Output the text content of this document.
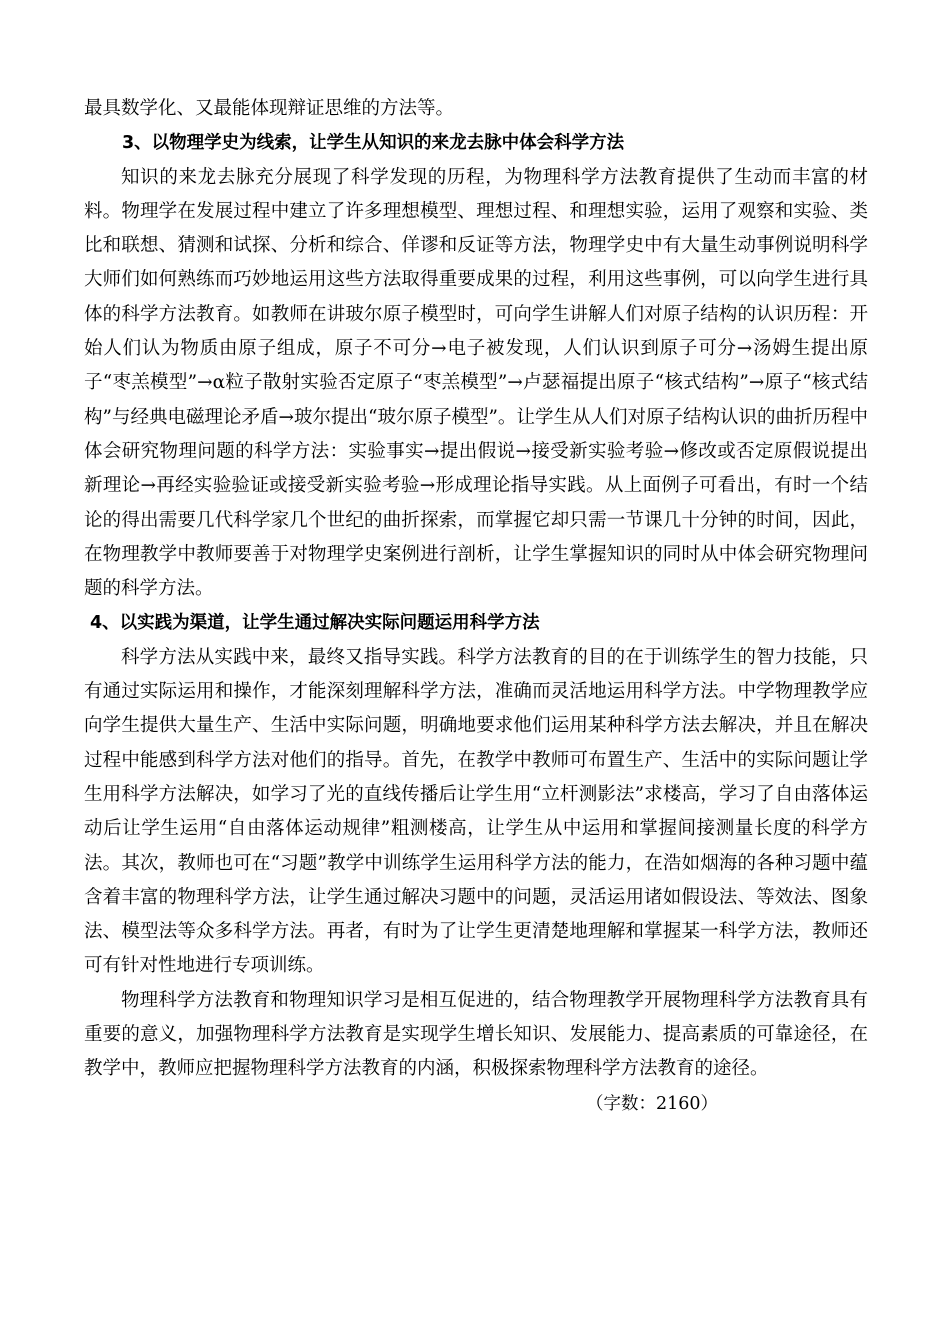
最具数学化、又最能体现辩证思维的方法等。

3、以物理学史为线索，让学生从知识的来龙去脉中体会科学方法

知识的来龙去脉充分展现了科学发现的历程，为物理科学方法教育提供了生动而丰富的材料。物理学在发展过程中建立了许多理想模型、理想过程、和理想实验，运用了观察和实验、类比和联想、猜测和试探、分析和综合、佯谬和反证等方法，物理学史中有大量生动事例说明科学大师们如何熟练而巧妙地运用这些方法取得重要成果的过程，利用这些事例，可以向学生进行具体的科学方法教育。如教师在讲玻尔原子模型时，可向学生讲解人们对原子结构的认识历程：开始人们认为物质由原子组成，原子不可分→电子被发现，人们认识到原子可分→汤姆生提出原子“枣羔模型”→α粒子散射实验否定原子“枣羔模型”→卢瑟福提出原子“核式结构”→原子“核式结构”与经典电磁理论矛盾→玻尔提出“玻尔原子模型”。让学生从人们对原子结构认识的曲折历程中体会研究物理问题的科学方法：实验事实→提出假说→接受新实验考验→修改或否定原假说提出新理论→再经实验验证或接受新实验考验→形成理论指导实践。从上面例子可看出，有时一个结论的得出需要几代科学家几个世纪的曲折探索，而掌握它却只需一节课几十分钟的时间，因此，在物理教学中教师要善于对物理学史案例进行剖析，让学生掌握知识的同时从中体会研究物理问题的科学方法。

4、以实践为渠道，让学生通过解决实际问题运用科学方法

科学方法从实践中来，最终又指导实践。科学方法教育的目的在于训练学生的智力技能，只有通过实际运用和操作，才能深刻理解科学方法，准确而灵活地运用科学方法。中学物理教学应向学生提供大量生产、生活中实际问题，明确地要求他们运用某种科学方法去解决，并且在解决过程中能感到科学方法对他们的指导。首先，在教学中教师可布置生产、生活中的实际问题让学生用科学方法解决，如学习了光的直线传播后让学生用“立杆测影法”求楼高，学习了自由落体运动后让学生运用“自由落体运动规律”粗测楼高，让学生从中运用和掌握间接测量长度的科学方法。其次，教师也可在“习题”教学中训练学生运用科学方法的能力，在浩如烟海的各种习题中蕴含着丰富的物理科学方法，让学生通过解决习题中的问题，灵活运用诸如假设法、等效法、图象法、模型法等众多科学方法。再者，有时为了让学生更清楚地理解和掌握某一科学方法，教师还可有针对性地进行专项训练。

物理科学方法教育和物理知识学习是相互促进的，结合物理教学开展物理科学方法教育具有重要的意义，加强物理科学方法教育是实现学生增长知识、发展能力、提高素质的可靠途径，在教学中，教师应把握物理科学方法教育的内涵，积极探索物理科学方法教育的途径。

（字数：2160）
